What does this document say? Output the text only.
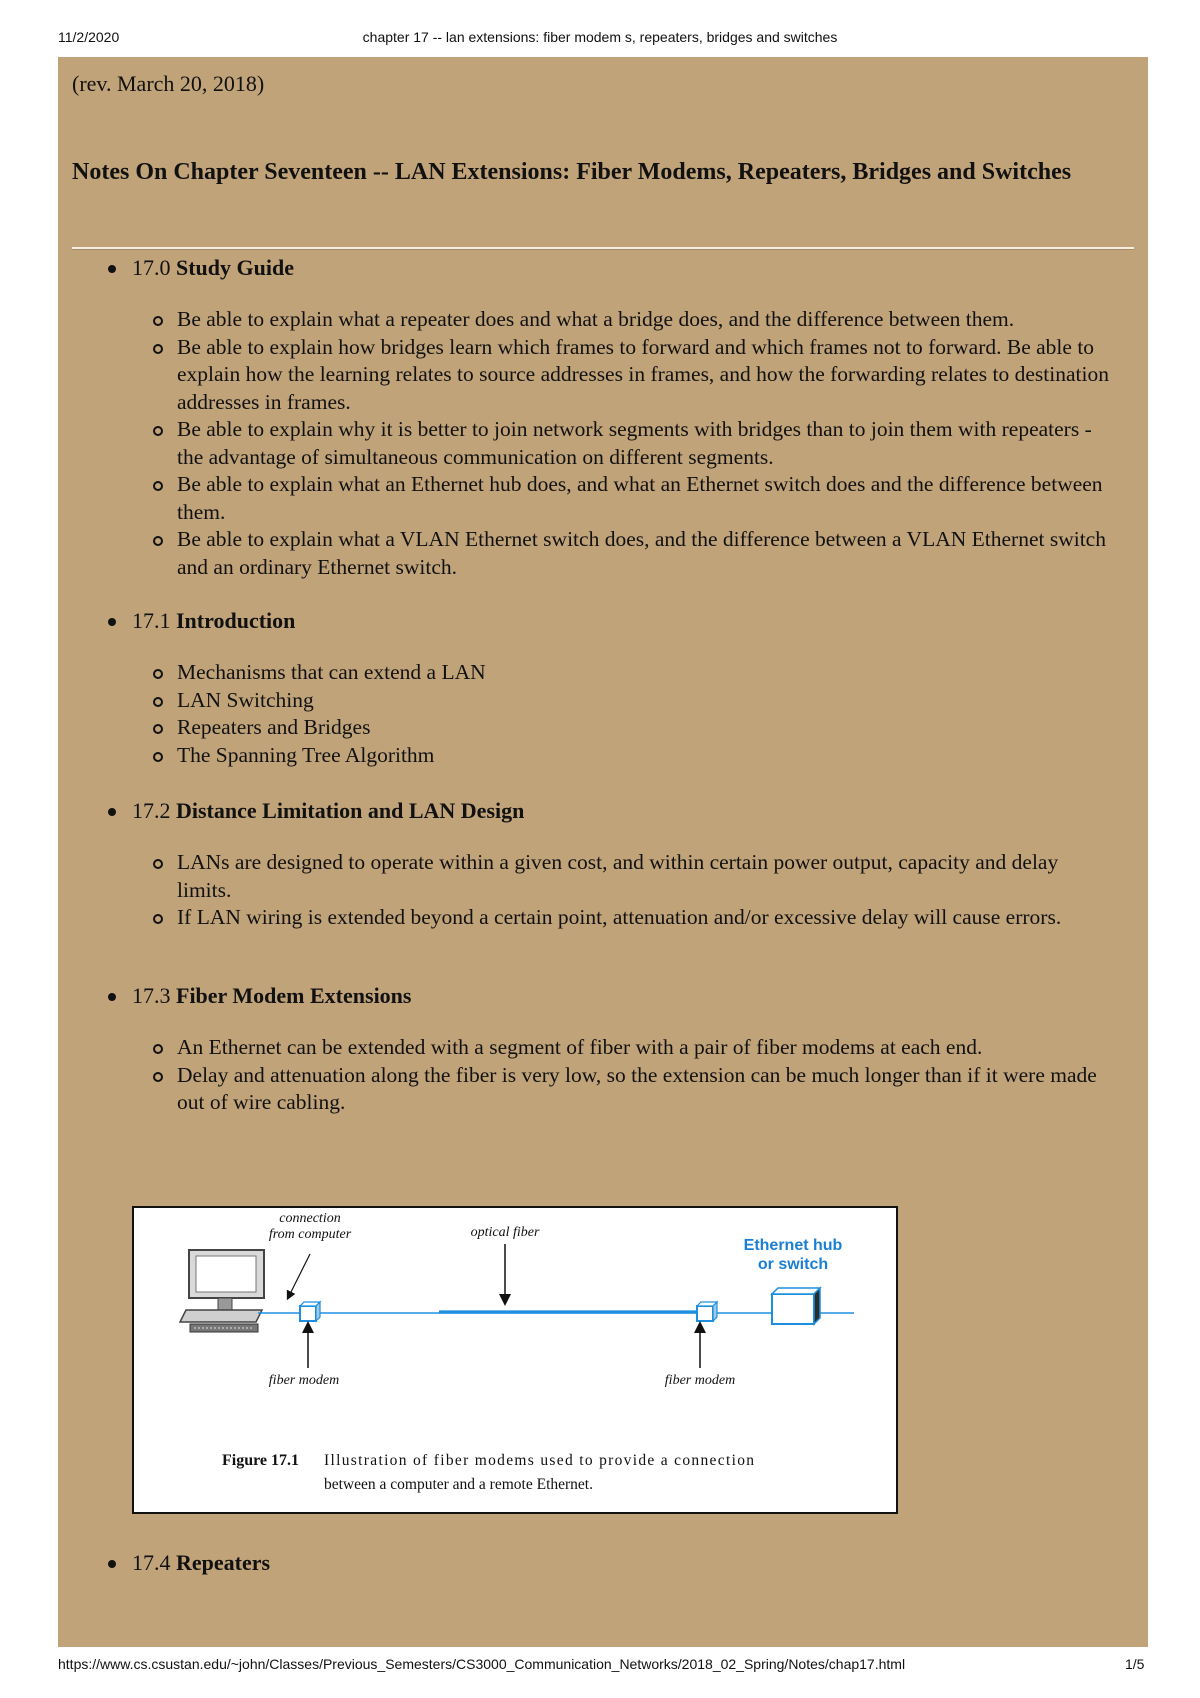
11/2/2020	chapter 17 -- lan extensions: fiber modem s, repeaters, bridges and switches
(rev. March 20, 2018)
Notes On Chapter Seventeen -- LAN Extensions: Fiber Modems, Repeaters, Bridges and Switches
17.0 Study Guide
Be able to explain what a repeater does and what a bridge does, and the difference between them.
Be able to explain how bridges learn which frames to forward and which frames not to forward. Be able to explain how the learning relates to source addresses in frames, and how the forwarding relates to destination addresses in frames.
Be able to explain why it is better to join network segments with bridges than to join them with repeaters - the advantage of simultaneous communication on different segments.
Be able to explain what an Ethernet hub does, and what an Ethernet switch does and the difference between them.
Be able to explain what a VLAN Ethernet switch does, and the difference between a VLAN Ethernet switch and an ordinary Ethernet switch.
17.1 Introduction
Mechanisms that can extend a LAN
LAN Switching
Repeaters and Bridges
The Spanning Tree Algorithm
17.2 Distance Limitation and LAN Design
LANs are designed to operate within a given cost, and within certain power output, capacity and delay limits.
If LAN wiring is extended beyond a certain point, attenuation and/or excessive delay will cause errors.
17.3 Fiber Modem Extensions
An Ethernet can be extended with a segment of fiber with a pair of fiber modems at each end.
Delay and attenuation along the fiber is very low, so the extension can be much longer than if it were made out of wire cabling.
connection
from computer	optical fiber
Ethernet hub
or switch
fiber modem	fiber modem
Figure 17.1 Illustration of fiber modems used to provide a connection
between a computer and a remote Ethernet.
17.4 Repeaters
https://www.cs.csustan.edu/~john/Classes/Previous_Semesters/CS3000_Communication_Networks/2018_02_Spring/Notes/chap17.html	1/5
